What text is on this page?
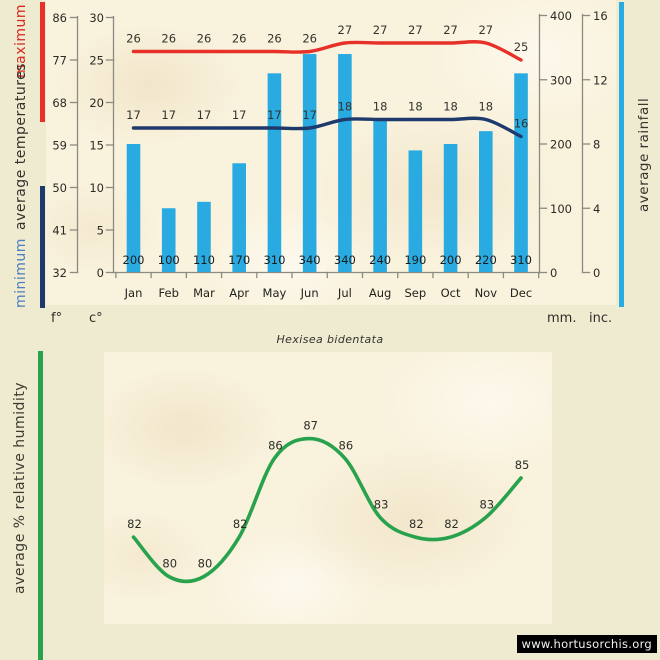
86
77
68
59
50
41
32
30
25
20
15
10
5
0
400
300
200
100
0
16
12
8
4
0
26
17
200
Jan
26
17
100
Feb
26
17
110
Mar
26
17
170
Apr
26
17
310
May
26
17
340
Jun
27
18
340
Jul
27
18
240
Aug
27
18
190
Sep
27
18
200
Oct
27
18
220
Nov
25
16
310
Dec
82
80 80
82
86
87
86
83
82 82
83
85
maximum
average temperatures
minimum
average rainfall
average % relative humidity
f° c°	mm. inc.
Hexisea bidentata
www.hortusorchis.org
